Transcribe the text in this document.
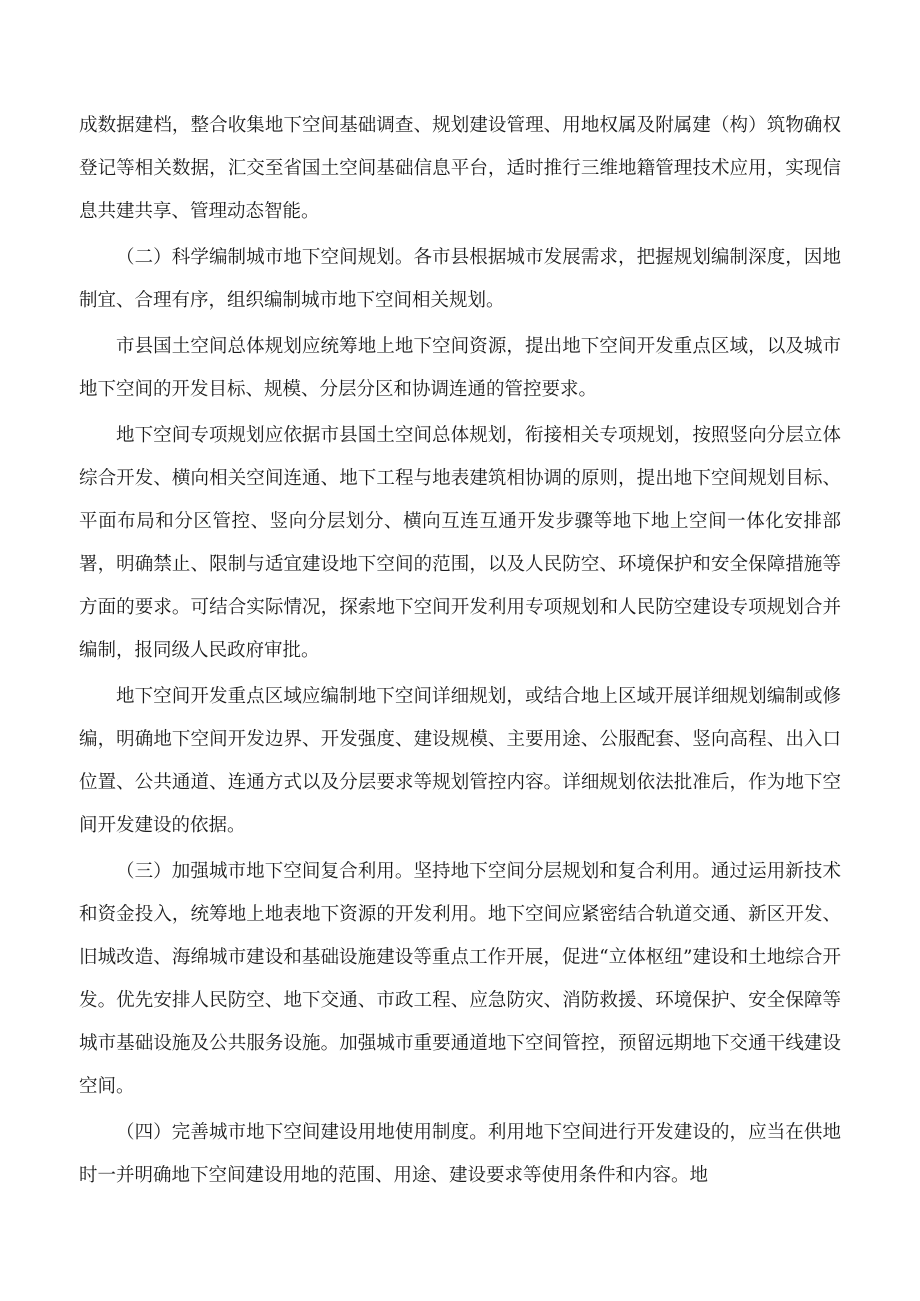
成数据建档，整合收集地下空间基础调查、规划建设管理、用地权属及附属建（构）筑物确权登记等相关数据，汇交至省国土空间基础信息平台，适时推行三维地籍管理技术应用，实现信息共建共享、管理动态智能。

（二）科学编制城市地下空间规划。各市县根据城市发展需求，把握规划编制深度，因地制宜、合理有序，组织编制城市地下空间相关规划。

市县国土空间总体规划应统筹地上地下空间资源，提出地下空间开发重点区域，以及城市地下空间的开发目标、规模、分层分区和协调连通的管控要求。

地下空间专项规划应依据市县国土空间总体规划，衔接相关专项规划，按照竖向分层立体综合开发、横向相关空间连通、地下工程与地表建筑相协调的原则，提出地下空间规划目标、平面布局和分区管控、竖向分层划分、横向互连互通开发步骤等地下地上空间一体化安排部署，明确禁止、限制与适宜建设地下空间的范围，以及人民防空、环境保护和安全保障措施等方面的要求。可结合实际情况，探索地下空间开发利用专项规划和人民防空建设专项规划合并编制，报同级人民政府审批。

地下空间开发重点区域应编制地下空间详细规划，或结合地上区域开展详细规划编制或修编，明确地下空间开发边界、开发强度、建设规模、主要用途、公服配套、竖向高程、出入口位置、公共通道、连通方式以及分层要求等规划管控内容。详细规划依法批准后，作为地下空间开发建设的依据。

（三）加强城市地下空间复合利用。坚持地下空间分层规划和复合利用。通过运用新技术和资金投入，统筹地上地表地下资源的开发利用。地下空间应紧密结合轨道交通、新区开发、旧城改造、海绵城市建设和基础设施建设等重点工作开展，促进“立体枢纽”建设和土地综合开发。优先安排人民防空、地下交通、市政工程、应急防灾、消防救援、环境保护、安全保障等城市基础设施及公共服务设施。加强城市重要通道地下空间管控，预留远期地下交通干线建设空间。

（四）完善城市地下空间建设用地使用制度。利用地下空间进行开发建设的，应当在供地时一并明确地下空间建设用地的范围、用途、建设要求等使用条件和内容。地
